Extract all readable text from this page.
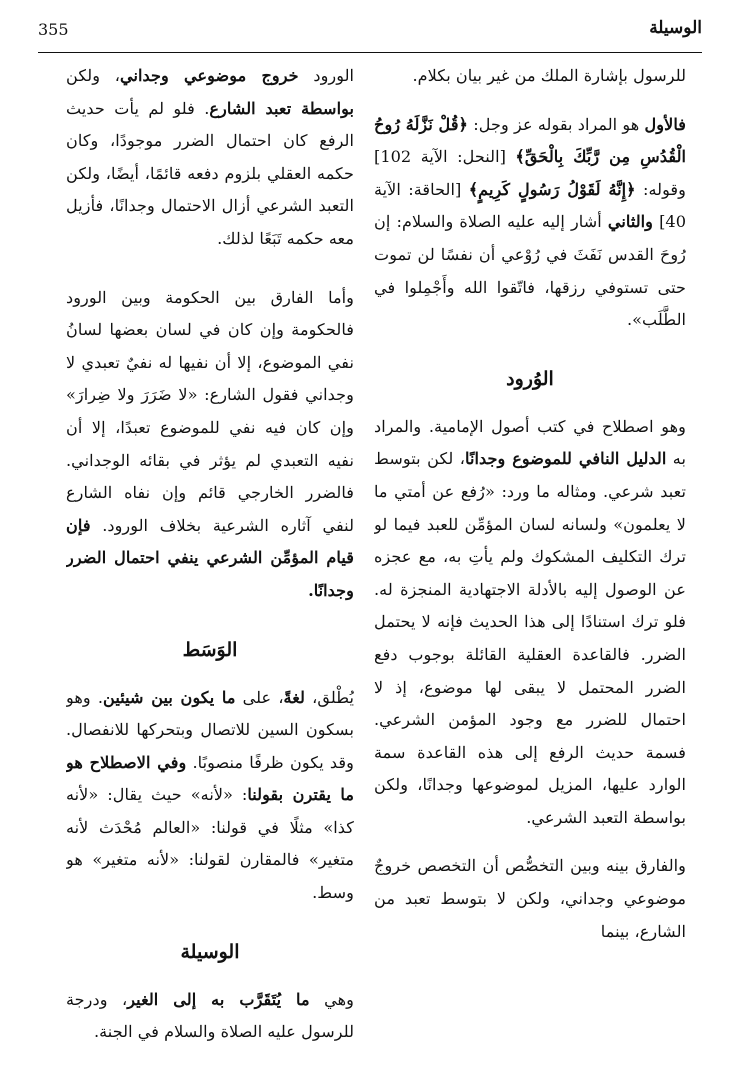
355	الوسيلة

للرسول بإشارة الملك من غير بيان بكلام.

فالأول هو المراد بقوله عز وجل: ﴿قُلْ نَزَّلَهُ رُوحُ الْقُدُسِ مِن رَّبِّكَ بِالْحَقِّ﴾ [النحل: الآية 102] وقوله: ﴿إِنَّهُ لَقَوْلُ رَسُولٍ كَرِيمٍ﴾ [الحاقة: الآية 40] والثاني أشار إليه عليه الصلاة والسلام: إن رُوحَ القدس نَفَثَ في رُوْعي أن نفسًا لن تموت حتى تستوفي رزقها، فاتّقوا الله وأَجْمِلوا في الطَّلَب».

الوُرود

وهو اصطلاح في كتب أصول الإمامية. والمراد به الدليل النافي للموضوع وجدانًا، لكن بتوسط تعبد شرعي. ومثاله ما ورد: «رُفع عن أمتي ما لا يعلمون» ولسانه لسان المؤمِّن للعبد فيما لو ترك التكليف المشكوك ولم يأتِ به، مع عجزه عن الوصول إليه بالأدلة الاجتهادية المنجزة له. فلو ترك استنادًا إلى هذا الحديث فإنه لا يحتمل الضرر. فالقاعدة العقلية القائلة بوجوب دفع الضرر المحتمل لا يبقى لها موضوع، إذ لا احتمال للضرر مع وجود المؤمن الشرعي. فسمة حديث الرفع إلى هذه القاعدة سمة الوارد عليها، المزيل لموضوعها وجدانًا، ولكن بواسطة التعبد الشرعي.

والفارق بينه وبين التخصُّص أن التخصص خروجٌ موضوعي وجداني، ولكن لا بتوسط تعبد من الشارع، بينما

الورود خروج موضوعي وجداني، ولكن بواسطة تعبد الشارع. فلو لم يأت حديث الرفع كان احتمال الضرر موجودًا، وكان حكمه العقلي بلزوم دفعه قائمًا، أيضًا، ولكن التعبد الشرعي أزال الاحتمال وجدانًا، فأزيل معه حكمه تَبَعًا لذلك.

وأما الفارق بين الحكومة وبين الورود فالحكومة وإن كان في لسان بعضها لسانُ نفي الموضوع، إلا أن نفيها له نفيٌ تعبدي لا وجداني فقول الشارع: «لا ضَرَرَ ولا ضِرارَ» وإن كان فيه نفي للموضوع تعبدًا، إلا أن نفيه التعبدي لم يؤثر في بقائه الوجداني. فالضرر الخارجي قائم وإن نفاه الشارع لنفي آثاره الشرعية بخلاف الورود. فإن قيام المؤمِّن الشرعي ينفي احتمال الضرر وجدانًا.

الوَسَط

يُطْلق، لغةً، على ما يكون بين شيئين. وهو بسكون السين للاتصال وبتحركها للانفصال. وقد يكون ظرفًا منصوبًا. وفي الاصطلاح هو ما يقترن بقولنا: «لأنه» حيث يقال: «لأنه كذا» مثلًا في قولنا: «العالم مُحْدَث لأنه متغير» فالمقارن لقولنا: «لأنه متغير» هو وسط.

الوسيلة

وهي ما يُتَقَرَّب به إلى الغير، ودرجة للرسول عليه الصلاة والسلام في الجنة.
